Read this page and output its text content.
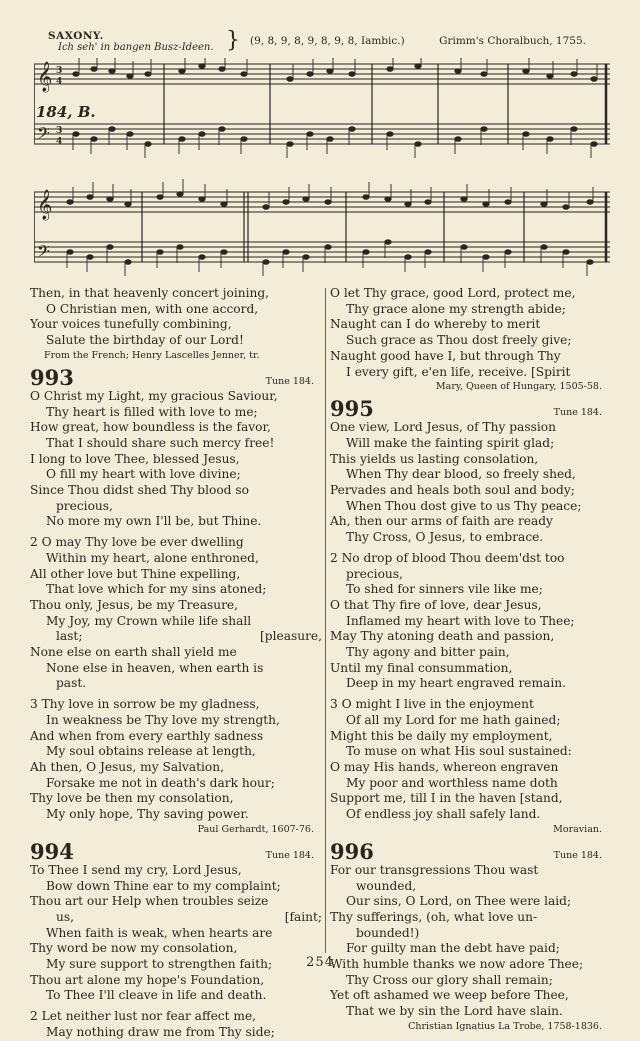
SAXONY.
Ich seh' in bangen Busz-Ideen. } (9, 8, 9, 8, 9, 8, 9, 8, Iambic.)	Grimm's Choralbuch, 1755.
𝄞
𝄞
𝄢
𝄢
3
4
3
4
184, B.
Then, in that heavenly concert joining,
O Christian men, with one accord,
Your voices tunefully combining,
Salute the birthday of our Lord!
From the French; Henry Lascelles Jenner, tr.
993	Tune 184.
O Christ my Light, my gracious Saviour,
Thy heart is filled with love to me;
How great, how boundless is the favor,
That I should share such mercy free!
I long to love Thee, blessed Jesus,
O fill my heart with love divine;
Since Thou didst shed Thy blood so
precious,
No more my own I'll be, but Thine.
2 O may Thy love be ever dwelling
Within my heart, alone enthroned,
All other love but Thine expelling,
That love which for my sins atoned;
Thou only, Jesus, be my Treasure,
My Joy, my Crown while life shall
last;	[pleasure,
None else on earth shall yield me
None else in heaven, when earth is
past.
3 Thy love in sorrow be my gladness,
In weakness be Thy love my strength,
And when from every earthly sadness
My soul obtains release at length,
Ah then, O Jesus, my Salvation,
Forsake me not in death's dark hour;
Thy love be then my consolation,
My only hope, Thy saving power.
Paul Gerhardt, 1607-76.
994	Tune 184.
To Thee I send my cry, Lord Jesus,
Bow down Thine ear to my complaint;
Thou art our Help when troubles seize
us,	[faint;
When faith is weak, when hearts are
Thy word be now my consolation,
My sure support to strengthen faith;
Thou art alone my hope's Foundation,
To Thee I'll cleave in life and death.
2 Let neither lust nor fear affect me,
May nothing draw me from Thy side;
O let Thy grace, good Lord, protect me,
Thy grace alone my strength abide;
Naught can I do whereby to merit
Such grace as Thou dost freely give;
Naught good have I, but through Thy
I every gift, e'en life, receive. [Spirit
Mary, Queen of Hungary, 1505-58.
995	Tune 184.
One view, Lord Jesus, of Thy passion
Will make the fainting spirit glad;
This yields us lasting consolation,
When Thy dear blood, so freely shed,
Pervades and heals both soul and body;
When Thou dost give to us Thy peace;
Ah, then our arms of faith are ready
Thy Cross, O Jesus, to embrace.
2 No drop of blood Thou deem'dst too
precious,
To shed for sinners vile like me;
O that Thy fire of love, dear Jesus,
Inflamed my heart with love to Thee;
May Thy atoning death and passion,
Thy agony and bitter pain,
Until my final consummation,
Deep in my heart engraved remain.
3 O might I live in the enjoyment
Of all my Lord for me hath gained;
Might this be daily my employment,
To muse on what His soul sustained:
O may His hands, whereon engraven
My poor and worthless name doth
Support me, till I in the haven [stand,
Of endless joy shall safely land.
Moravian.
996	Tune 184.
For our transgressions Thou wast
wounded,
Our sins, O Lord, on Thee were laid;
Thy sufferings, (oh, what love un-
bounded!)
For guilty man the debt have paid;
With humble thanks we now adore Thee;
Thy Cross our glory shall remain;
Yet oft ashamed we weep before Thee,
That we by sin the Lord have slain.
Christian Ignatius La Trobe, 1758-1836.
254
